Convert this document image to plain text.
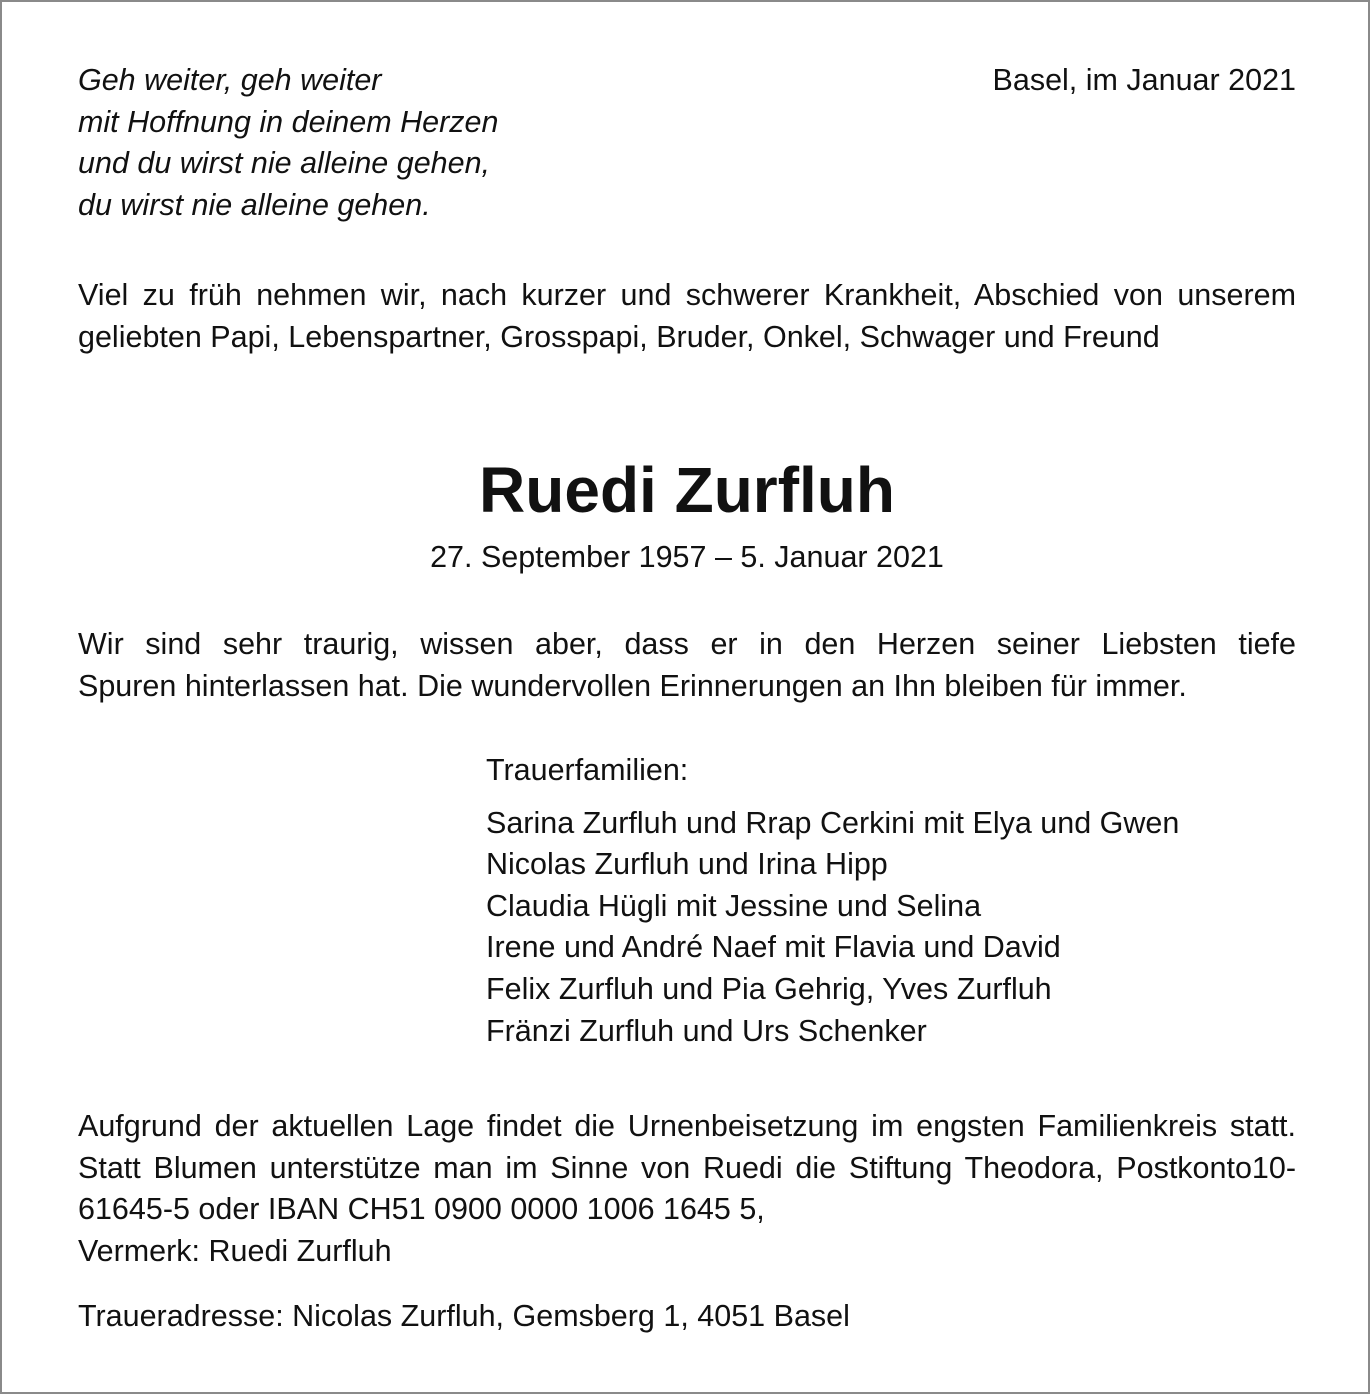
Geh weiter, geh weiter
mit Hoffnung in deinem Herzen
und du wirst nie alleine gehen,
du wirst nie alleine gehen.
Basel, im Januar 2021
Viel zu früh nehmen wir, nach kurzer und schwerer Krankheit, Abschied von unserem geliebten Papi, Lebenspartner, Grosspapi, Bruder, Onkel, Schwager und Freund
Ruedi Zurfluh
27. September 1957 – 5. Januar 2021
Wir sind sehr traurig, wissen aber, dass er in den Herzen seiner Liebsten tiefe
Spuren hinterlassen hat. Die wundervollen Erinnerungen an Ihn bleiben für immer.
Trauerfamilien:
Sarina Zurfluh und Rrap Cerkini mit Elya und Gwen
Nicolas Zurfluh und Irina Hipp
Claudia Hügli mit Jessine und Selina
Irene und André Naef mit Flavia und David
Felix Zurfluh und Pia Gehrig, Yves Zurfluh
Fränzi Zurfluh und Urs Schenker
Aufgrund der aktuellen Lage findet die Urnenbeisetzung im engsten Familienkreis statt. Statt Blumen unterstütze man im Sinne von Ruedi die Stiftung Theodora, Postkonto10-61645-5 oder IBAN CH51 0900 0000 1006 1645 5,
Vermerk: Ruedi Zurfluh
Traueradresse: Nicolas Zurfluh, Gemsberg 1, 4051 Basel
